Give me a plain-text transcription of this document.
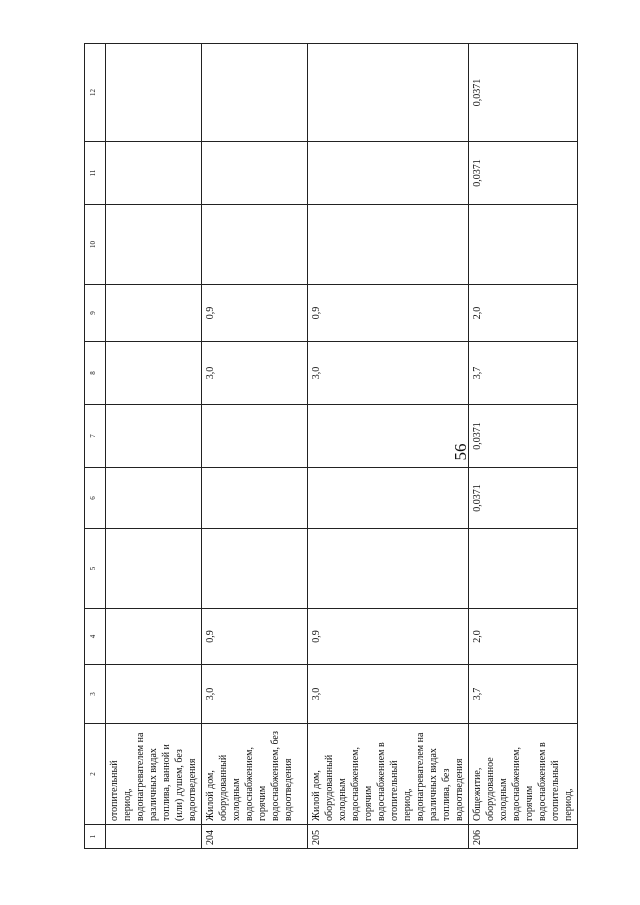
56
1	2	3	4	5	6	7	8	9	10	11	12
	отопительный период, водонагревателем на различных видах топлива, ванной и (или) душем, без водоотведения										
204	Жилой дом, оборудованный холодным водоснабжением, горячим водоснабжением, без водоотведения	3,0	0,9				3,0	0,9			
205	Жилой дом, оборудованный холодным водоснабжением, горячим водоснабжением в отопительный период, водонагревателем на различных видах топлива, без водоотведения	3,0	0,9				3,0	0,9			
206	Общежитие, оборудованное холодным водоснабжением, горячим водоснабжением в отопительный период,	3,7	2,0		0,0371	0,0371	3,7	2,0		0,0371	0,0371
